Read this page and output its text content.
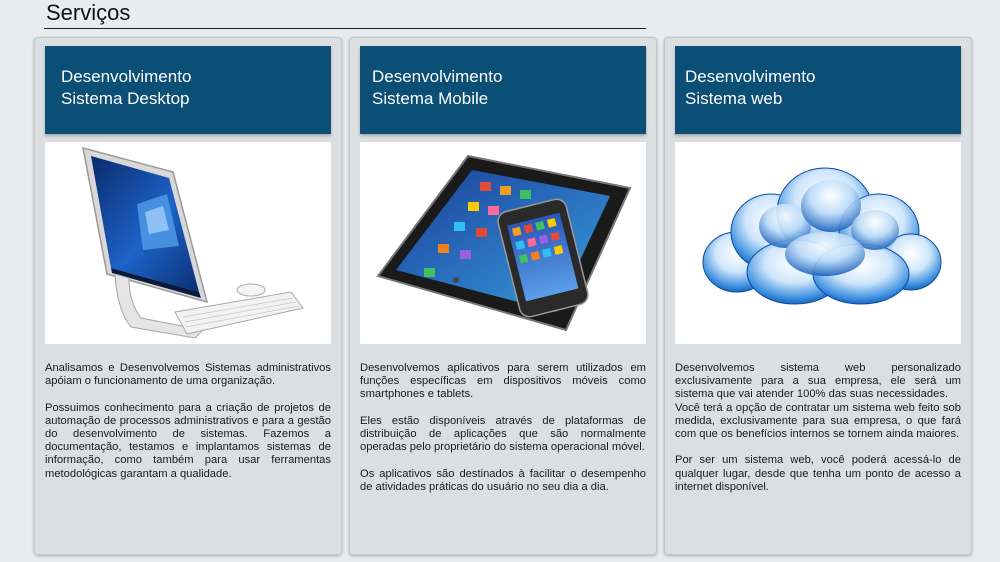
Serviços
Desenvolvimento
Sistema Desktop

Analisamos e Desenvolvemos Sistemas administrativos apóiam o funcionamento de uma organização.

Possuimos conhecimento para a criação de projetos de automação de processos administrativos e para a gestão do desenvolvimento de sistemas. Fazemos a documentação, testamos e implantamos sistemas de informação, como também para usar ferramentas metodológicas garantam a qualidade.

Desenvolvimento
Sistema Mobile

Desenvolvemos aplicativos para serem utilizados em funções específicas em dispositivos móveis como smartphones e tablets.

Eles estão disponíveis através de plataformas de distribuição de aplicações que são normalmente operadas pelo proprietário do sistema operacional móvel.

Os aplicativos são destinados à facilitar o desempenho de atividades práticas do usuário no seu dia a dia.

Desenvolvimento
Sistema web

Desenvolvemos sistema web personalizado exclusivamente para a sua empresa, ele será um sistema que vai atender 100% das suas necessidades.

Você terá a opção de contratar um sistema web feito sob medida, exclusivamente para sua empresa, o que fará com que os benefícios internos se tornem ainda maiores.

Por ser um sistema web, você poderá acessá-lo de qualquer lugar, desde que tenha um ponto de acesso a internet disponível.
